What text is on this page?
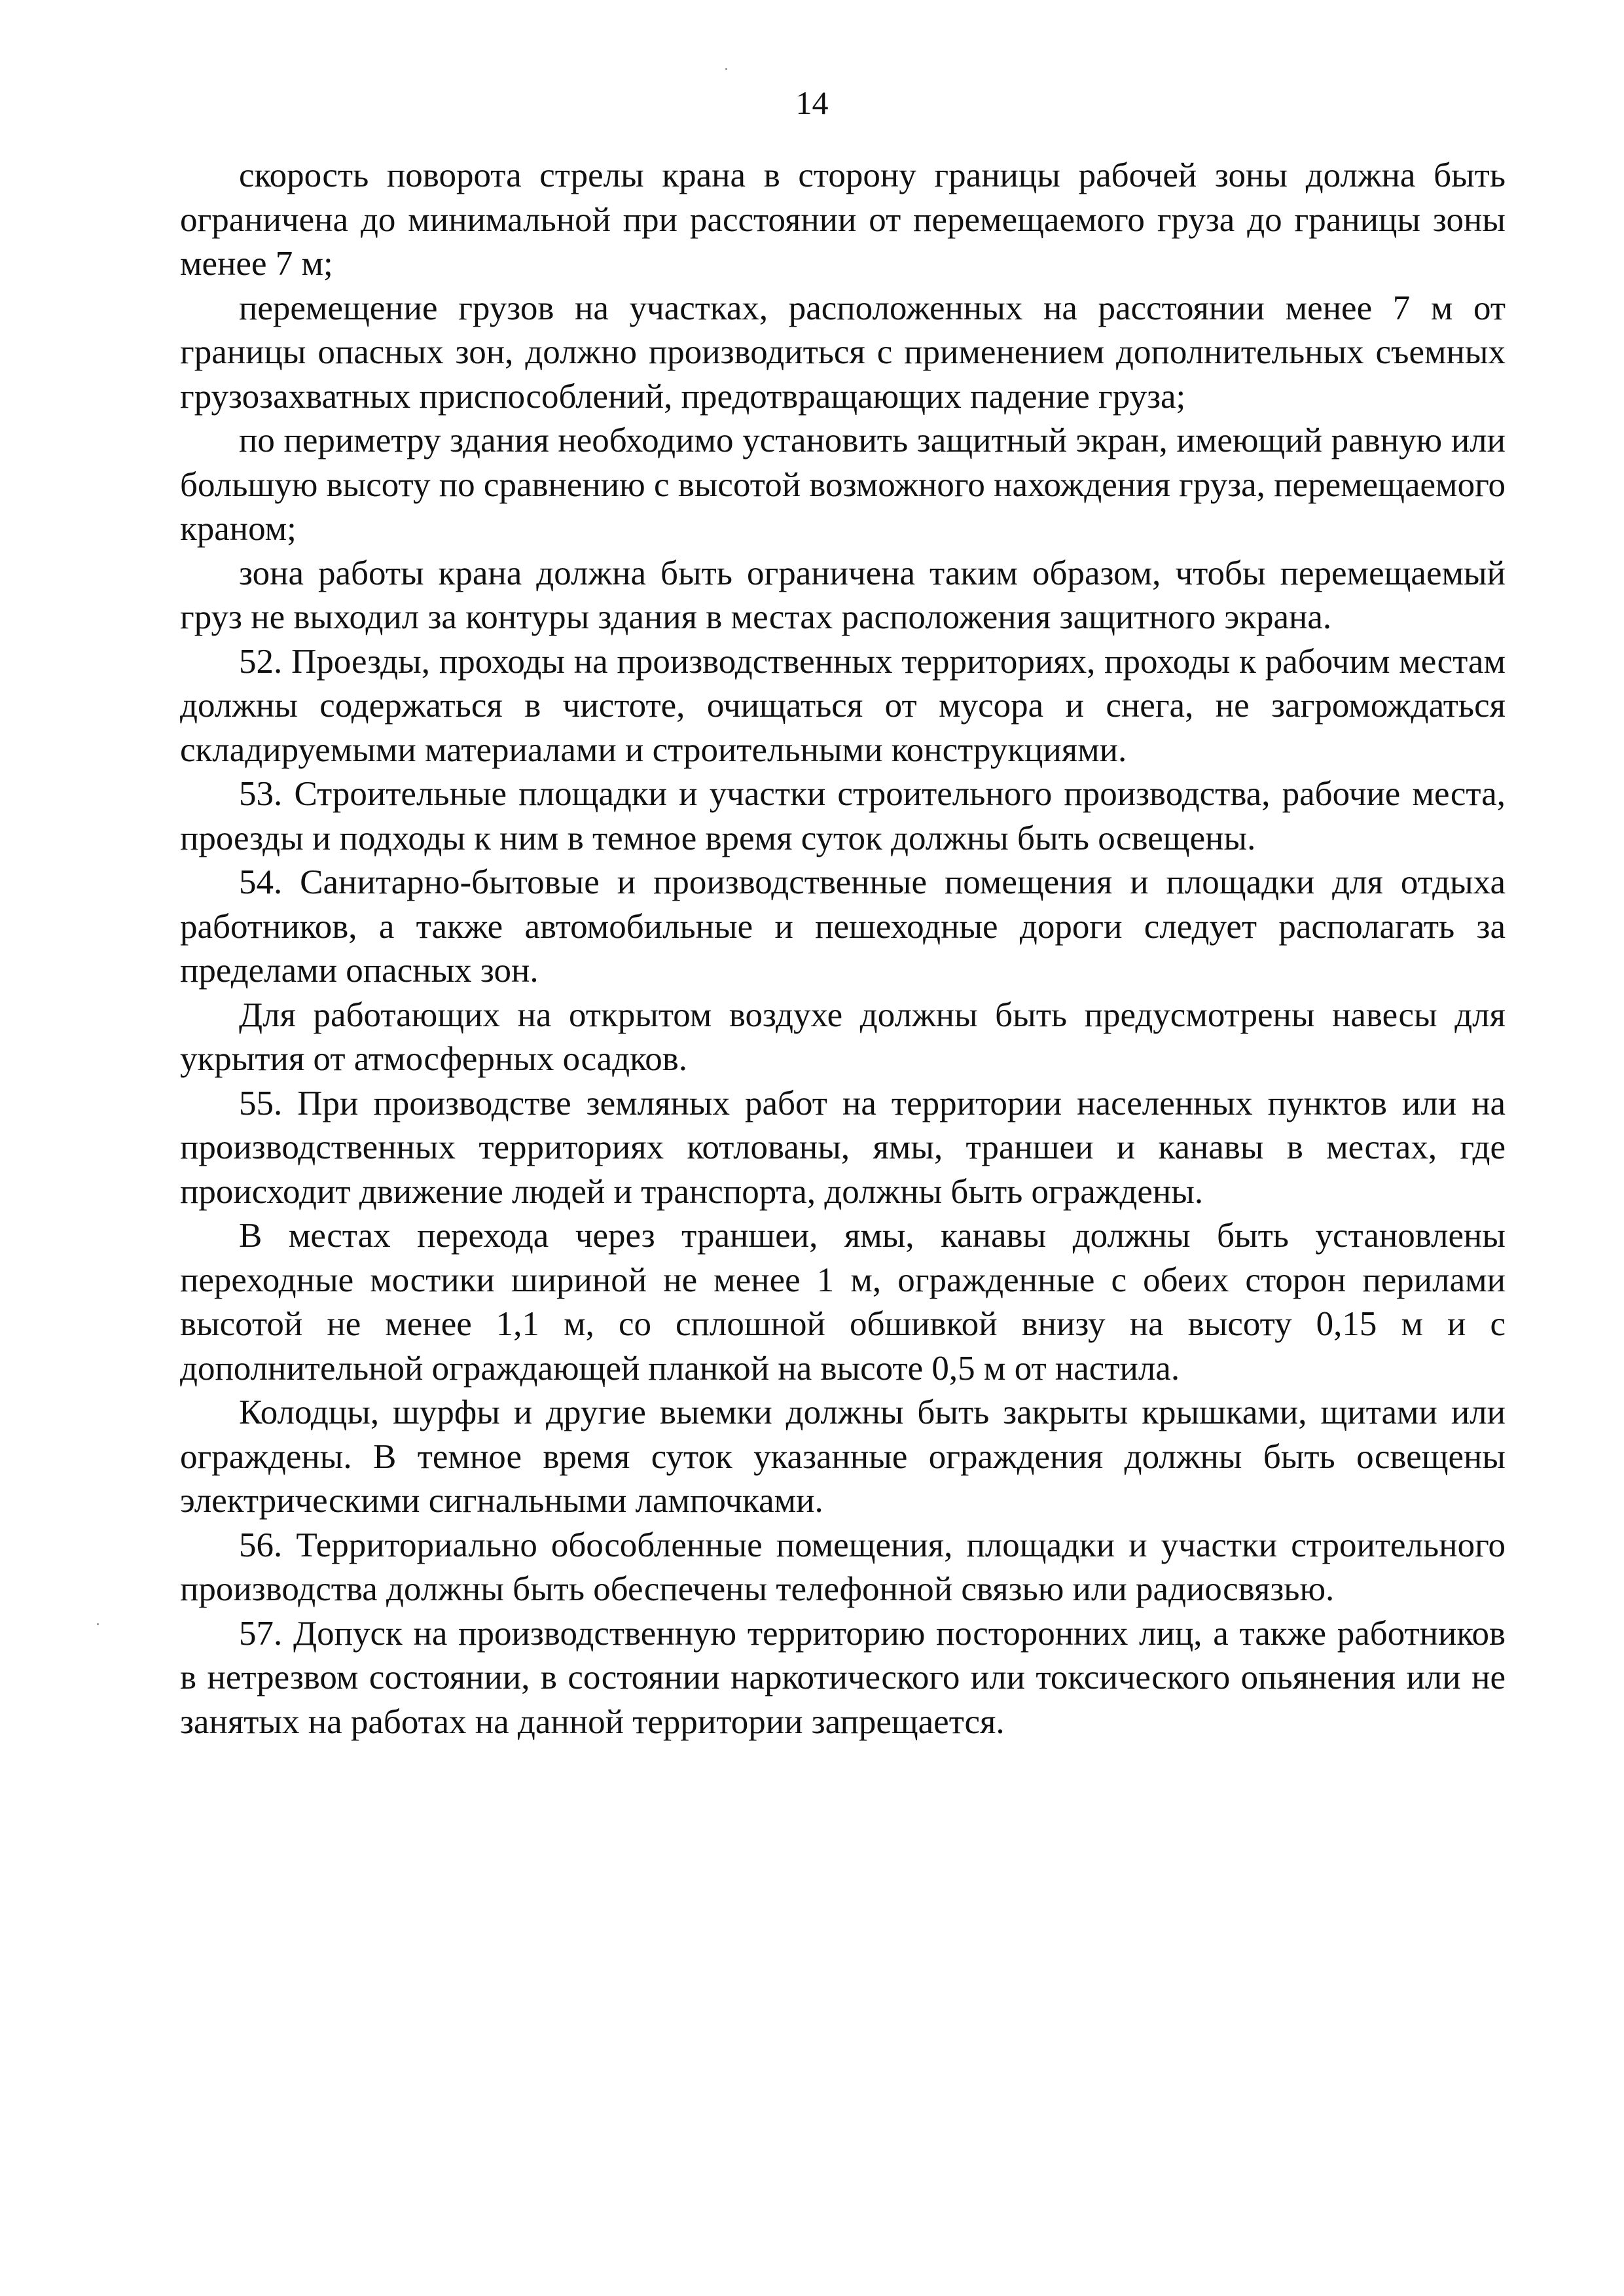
14

скорость поворота стрелы крана в сторону границы рабочей зоны должна быть ограничена до минимальной при расстоянии от перемещаемого груза до границы зоны менее 7 м;

перемещение грузов на участках, расположенных на расстоянии менее 7 м от границы опасных зон, должно производиться с применением дополнительных съемных грузозахватных приспособлений, предотвращающих падение груза;

по периметру здания необходимо установить защитный экран, имеющий равную или большую высоту по сравнению с высотой возможного нахождения груза, перемещаемого краном;

зона работы крана должна быть ограничена таким образом, чтобы перемещаемый груз не выходил за контуры здания в местах расположения защитного экрана.

52. Проезды, проходы на производственных территориях, проходы к рабочим местам должны содержаться в чистоте, очищаться от мусора и снега, не загромождаться складируемыми материалами и строительными конструкциями.

53. Строительные площадки и участки строительного производства, рабочие места, проезды и подходы к ним в темное время суток должны быть освещены.

54. Санитарно-бытовые и производственные помещения и площадки для отдыха работников, а также автомобильные и пешеходные дороги следует располагать за пределами опасных зон.

Для работающих на открытом воздухе должны быть предусмотрены навесы для укрытия от атмосферных осадков.

55. При производстве земляных работ на территории населенных пунктов или на производственных территориях котлованы, ямы, траншеи и канавы в местах, где происходит движение людей и транспорта, должны быть ограждены.

В местах перехода через траншеи, ямы, канавы должны быть установлены переходные мостики шириной не менее 1 м, огражденные с обеих сторон перилами высотой не менее 1,1 м, со сплошной обшивкой внизу на высоту 0,15 м и с дополнительной ограждающей планкой на высоте 0,5 м от настила.

Колодцы, шурфы и другие выемки должны быть закрыты крышками, щитами или ограждены. В темное время суток указанные ограждения должны быть освещены электрическими сигнальными лампочками.

56. Территориально обособленные помещения, площадки и участки строительного производства должны быть обеспечены телефонной связью или радиосвязью.

57. Допуск на производственную территорию посторонних лиц, а также работников в нетрезвом состоянии, в состоянии наркотического или токсического опьянения или не занятых на работах на данной территории запрещается.
